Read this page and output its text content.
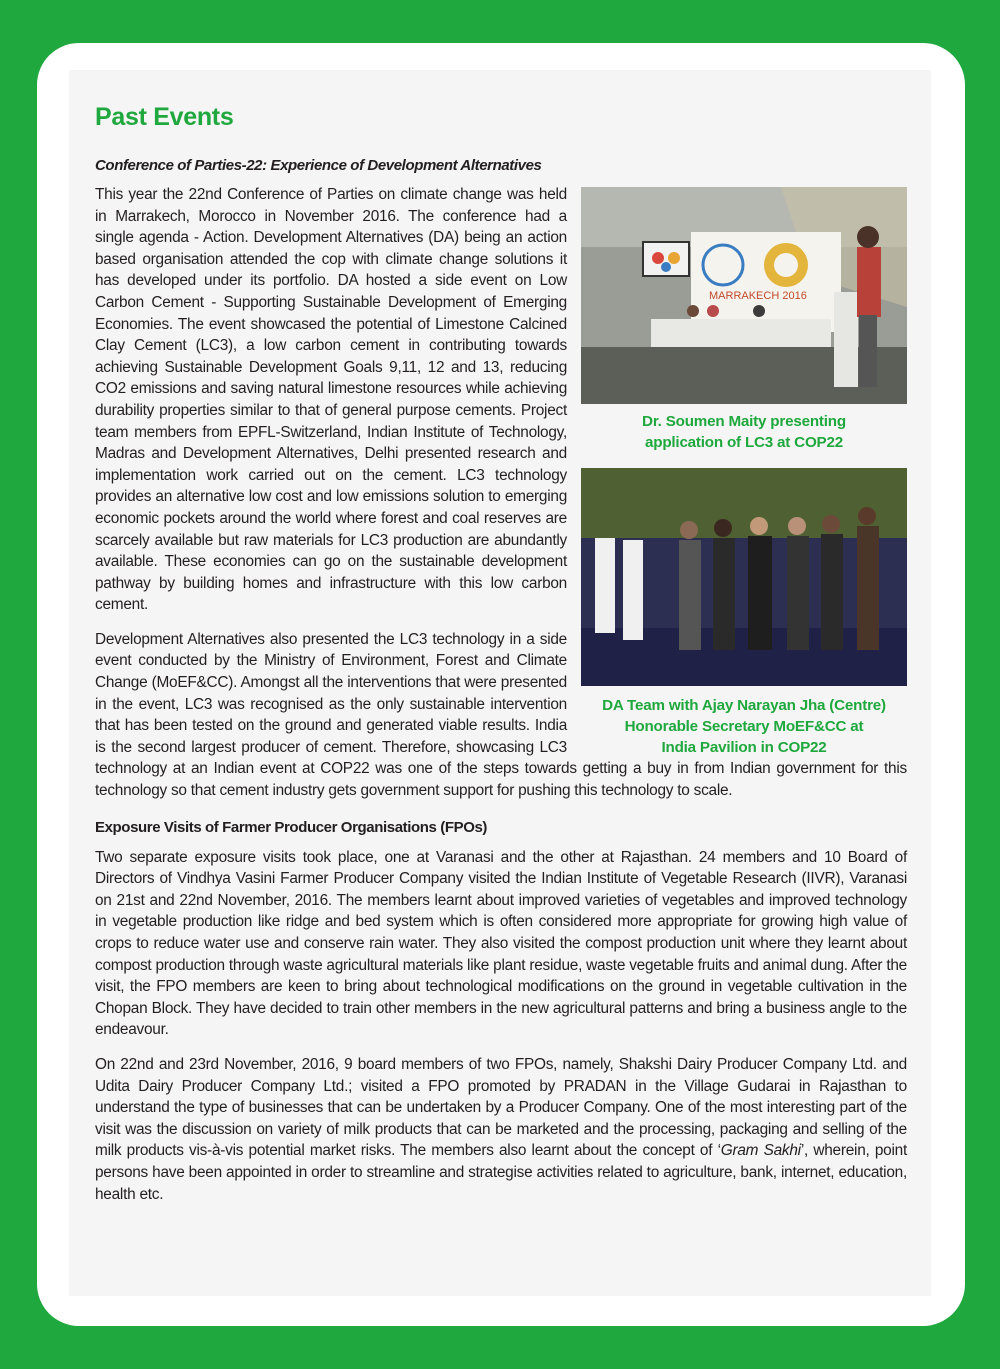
Past Events
Conference of Parties-22: Experience of Development Alternatives
MARRAKECH 2016
Dr. Soumen Maity presenting
application of LC3 at COP22
DA Team with Ajay Narayan Jha (Centre)
Honorable Secretary MoEF&CC at
India Pavilion in COP22

This year the 22nd Conference of Parties on climate change was held in Marrakech, Morocco in November 2016. The conference had a single agenda - Action. Development Alternatives (DA) being an action based organisation attended the cop with climate change solutions it has developed under its portfolio. DA hosted a side event on Low Carbon Cement - Supporting Sustainable Development of Emerging Economies. The event showcased the potential of Limestone Calcined Clay Cement (LC3), a low carbon cement in contributing towards achieving Sustainable Development Goals 9,11, 12 and 13, reducing CO2 emissions and saving natural limestone resources while achieving durability properties similar to that of general purpose cements. Project team members from EPFL-Switzerland, Indian Institute of Technology, Madras and Development Alternatives, Delhi presented research and implementation work carried out on the cement. LC3 technology provides an alternative low cost and low emissions solution to emerging economic pockets around the world where forest and coal reserves are scarcely available but raw materials for LC3 production are abundantly available. These economies can go on the sustainable development pathway by building homes and infrastructure with this low carbon cement.

Development Alternatives also presented the LC3 technology in a side event conducted by the Ministry of Environment, Forest and Climate Change (MoEF&CC). Amongst all the interventions that were presented in the event, LC3 was recognised as the only sustainable intervention that has been tested on the ground and generated viable results. India is the second largest producer of cement. Therefore, showcasing LC3 technology at an Indian event at COP22 was one of the steps towards getting a buy in from Indian government for this technology so that cement industry gets government support for pushing this technology to scale.

Exposure Visits of Farmer Producer Organisations (FPOs)

Two separate exposure visits took place, one at Varanasi and the other at Rajasthan. 24 members and 10 Board of Directors of Vindhya Vasini Farmer Producer Company visited the Indian Institute of Vegetable Research (IIVR), Varanasi on 21st and 22nd November, 2016. The members learnt about improved varieties of vegetables and improved technology in vegetable production like ridge and bed system which is often considered more appropriate for growing high value of crops to reduce water use and conserve rain water. They also visited the compost production unit where they learnt about compost production through waste agricultural materials like plant residue, waste vegetable fruits and animal dung. After the visit, the FPO members are keen to bring about technological modifications on the ground in vegetable cultivation in the Chopan Block. They have decided to train other members in the new agricultural patterns and bring a business angle to the endeavour.

On 22nd and 23rd November, 2016, 9 board members of two FPOs, namely, Shakshi Dairy Producer Company Ltd. and Udita Dairy Producer Company Ltd.; visited a FPO promoted by PRADAN in the Village Gudarai in Rajasthan to understand the type of businesses that can be undertaken by a Producer Company. One of the most interesting part of the visit was the discussion on variety of milk products that can be marketed and the processing, packaging and selling of the milk products vis-à-vis potential market risks. The members also learnt about the concept of ‘Gram Sakhi’, wherein, point persons have been appointed in order to streamline and strategise activities related to agriculture, bank, internet, education, health etc.
